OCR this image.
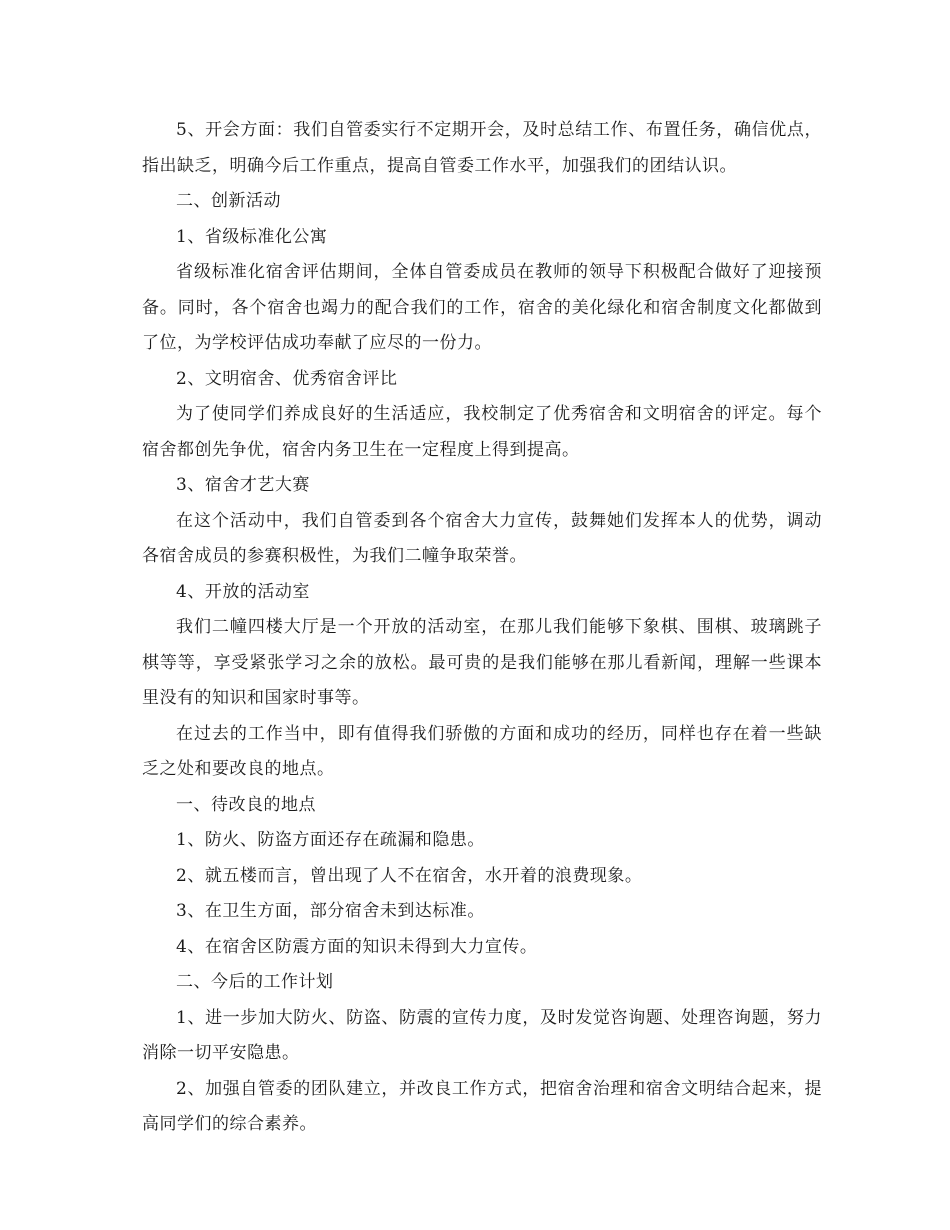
5、开会方面：我们自管委实行不定期开会，及时总结工作、布置任务，确信优点，指出缺乏，明确今后工作重点，提高自管委工作水平，加强我们的团结认识。

二、创新活动

1、省级标准化公寓

省级标准化宿舍评估期间，全体自管委成员在教师的领导下积极配合做好了迎接预备。同时，各个宿舍也竭力的配合我们的工作，宿舍的美化绿化和宿舍制度文化都做到了位，为学校评估成功奉献了应尽的一份力。

2、文明宿舍、优秀宿舍评比

为了使同学们养成良好的生活适应，我校制定了优秀宿舍和文明宿舍的评定。每个宿舍都创先争优，宿舍内务卫生在一定程度上得到提高。

3、宿舍才艺大赛

在这个活动中，我们自管委到各个宿舍大力宣传，鼓舞她们发挥本人的优势，调动各宿舍成员的参赛积极性，为我们二幢争取荣誉。

4、开放的活动室

我们二幢四楼大厅是一个开放的活动室，在那儿我们能够下象棋、围棋、玻璃跳子棋等等，享受紧张学习之余的放松。最可贵的是我们能够在那儿看新闻，理解一些课本里没有的知识和国家时事等。

在过去的工作当中，即有值得我们骄傲的方面和成功的经历，同样也存在着一些缺乏之处和要改良的地点。

一、待改良的地点

1、防火、防盗方面还存在疏漏和隐患。

2、就五楼而言，曾出现了人不在宿舍，水开着的浪费现象。

3、在卫生方面，部分宿舍未到达标准。

4、在宿舍区防震方面的知识未得到大力宣传。

二、今后的工作计划

1、进一步加大防火、防盗、防震的宣传力度，及时发觉咨询题、处理咨询题，努力消除一切平安隐患。

2、加强自管委的团队建立，并改良工作方式，把宿舍治理和宿舍文明结合起来，提高同学们的综合素养。
